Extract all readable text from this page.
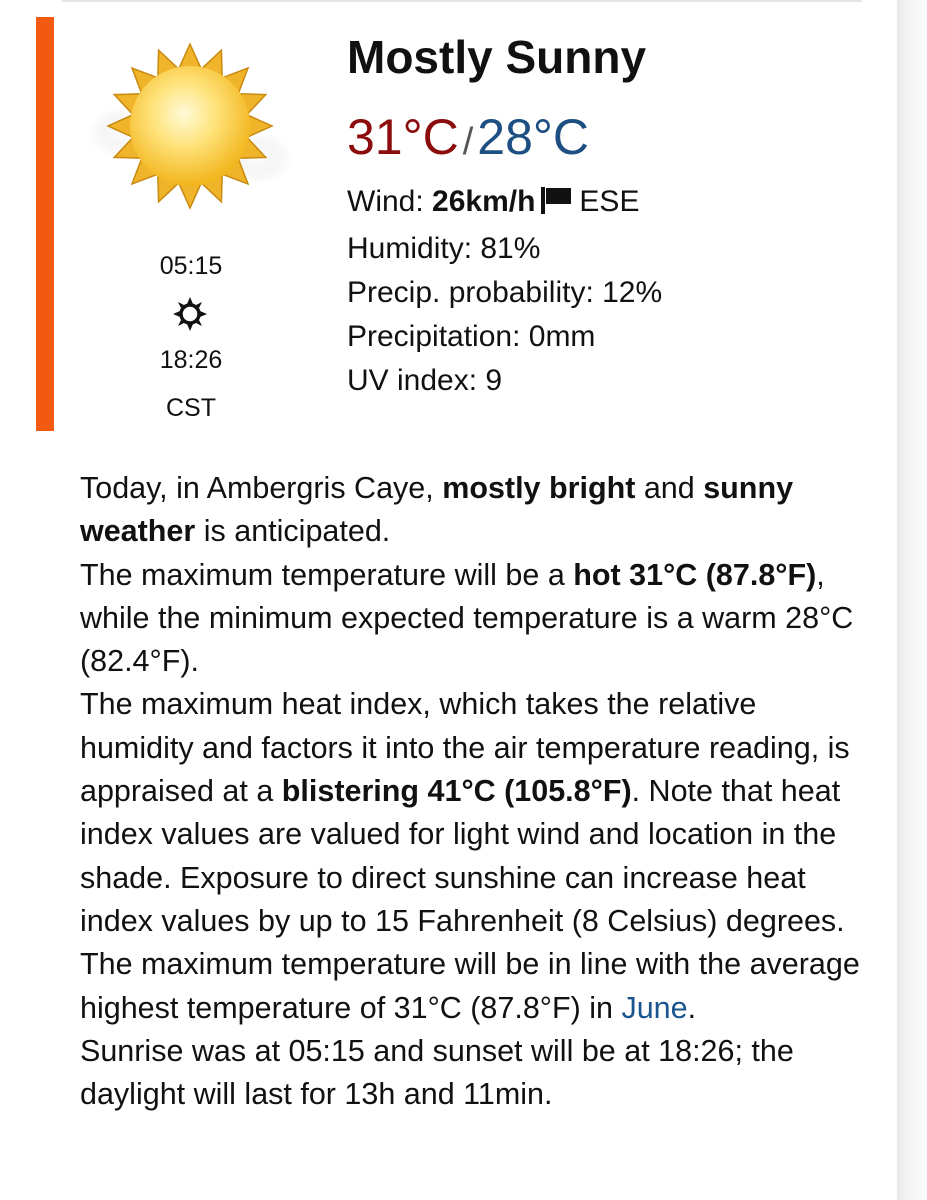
05:15
18:26
CST
Mostly Sunny
31°C /28°C
Wind: 26km/h ESE
Humidity: 81%
Precip. probability: 12%
Precipitation: 0mm
UV index: 9
Today, in Ambergris Caye, mostly bright and sunny weather is anticipated.
The maximum temperature will be a hot 31°C (87.8°F), while the minimum expected temperature is a warm 28°C (82.4°F).
The maximum heat index, which takes the relative humidity and factors it into the air temperature reading, is appraised at a blistering 41°C (105.8°F). Note that heat index values are valued for light wind and location in the shade. Exposure to direct sunshine can increase heat index values by up to 15 Fahrenheit (8 Celsius) degrees.
The maximum temperature will be in line with the average highest temperature of 31°C (87.8°F) in June.
Sunrise was at 05:15 and sunset will be at 18:26; the daylight will last for 13h and 11min.
